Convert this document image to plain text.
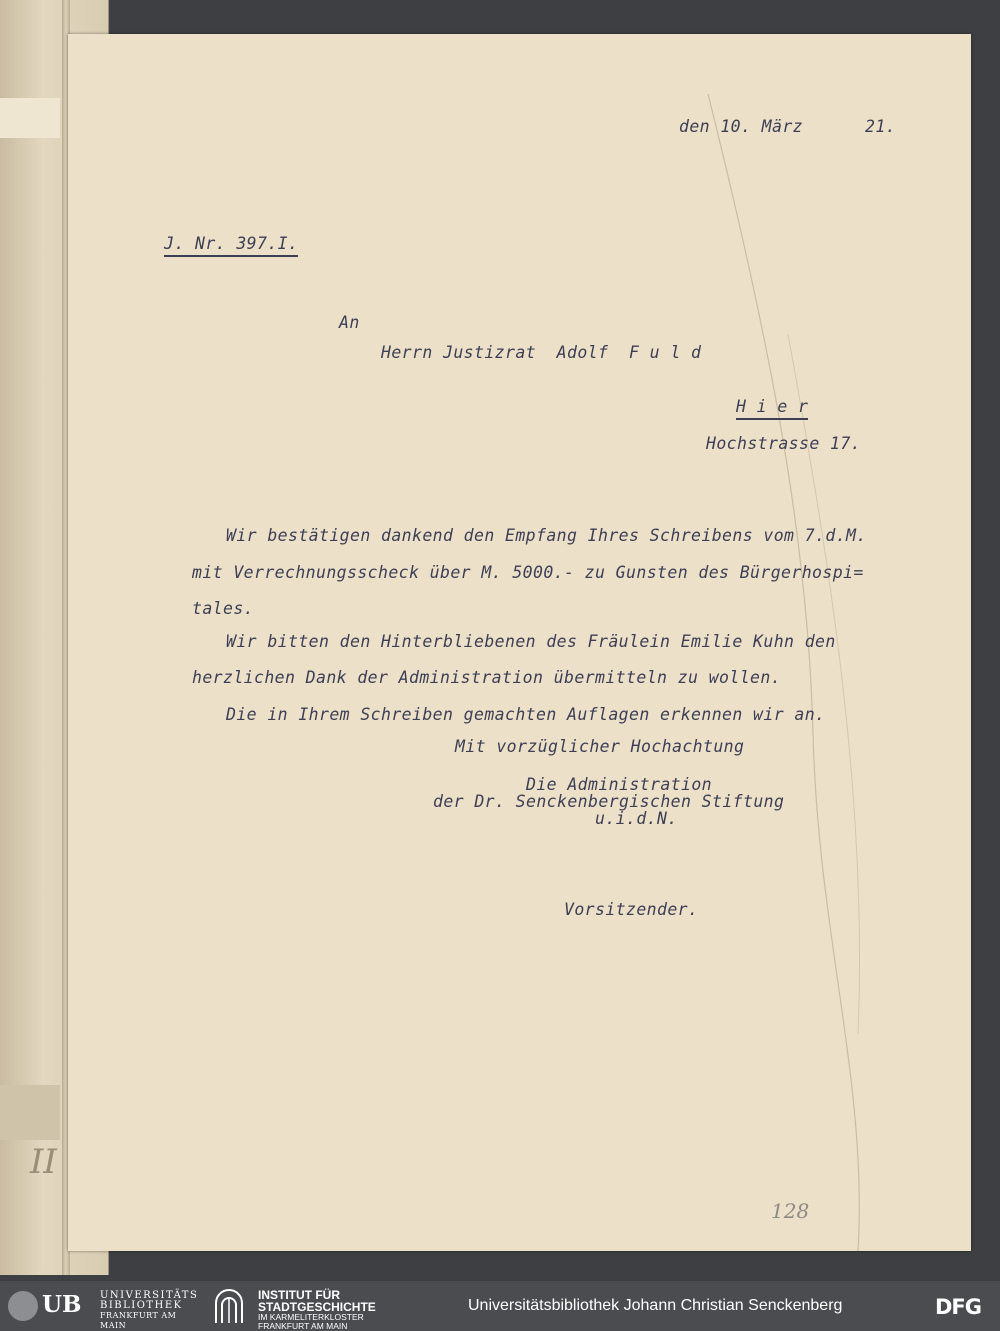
II
den 10. März      21.
J. Nr. 397.I.
An
Herrn Justizrat  Adolf  F u l d
H i e r
Hochstrasse 17.
Wir bestätigen dankend den Empfang Ihres Schreibens vom 7.d.M.
mit Verrechnungsscheck über M. 5000.- zu Gunsten des Bürgerhospi=
tales.
Wir bitten den Hinterbliebenen des Fräulein Emilie Kuhn den
herzlichen Dank der Administration übermitteln zu wollen.
Die in Ihrem Schreiben gemachten Auflagen erkennen wir an.
Mit vorzüglicher Hochachtung
Die Administration
der Dr. Senckenbergischen Stiftung
u.i.d.N.
Vorsitzender.
128
UB UNIVERSITÄTS
BIBLIOTHEK
FRANKFURT AM MAIN
INSTITUT FÜR
STADTGESCHICHTE
IM KARMELITERKLOSTER
FRANKFURT AM MAIN
Universitätsbibliothek Johann Christian Senckenberg	DFG
